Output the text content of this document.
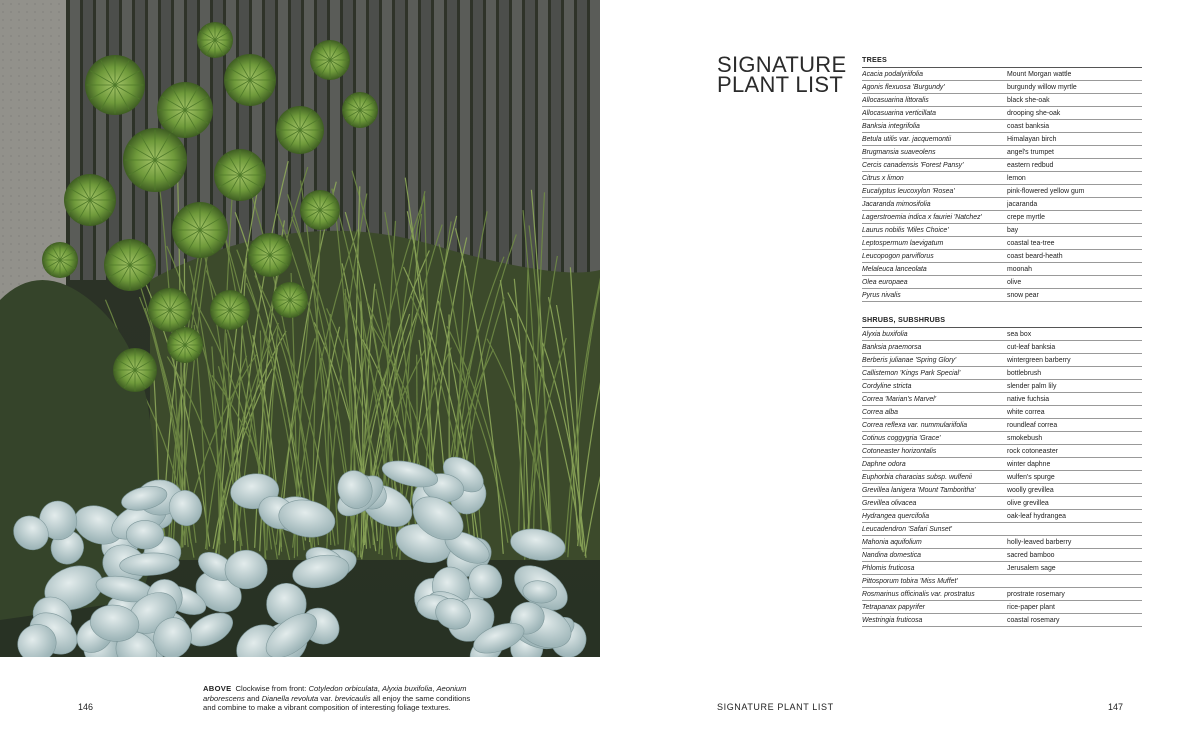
ABOVE Clockwise from front: Cotyledon orbiculata, Alyxia buxifolia, Aeonium arborescens and Dianella revoluta var. brevicaulis all enjoy the same conditions and combine to make a vibrant composition of interesting foliage textures.
146
SIGNATURE PLANT LIST
TREES
Acacia podalyriifolia	Mount Morgan wattle
Agonis flexuosa 'Burgundy'	burgundy willow myrtle
Allocasuarina littoralis	black she-oak
Allocasuarina verticillata	drooping she-oak
Banksia integrifolia	coast banksia
Betula utilis var. jacquemontii	Himalayan birch
Brugmansia suaveolens	angel's trumpet
Cercis canadensis 'Forest Pansy'	eastern redbud
Citrus x limon	lemon
Eucalyptus leucoxylon 'Rosea'	pink-flowered yellow gum
Jacaranda mimosifolia	jacaranda
Lagerstroemia indica x fauriei 'Natchez'	crepe myrtle
Laurus nobilis 'Miles Choice'	bay
Leptospermum laevigatum	coastal tea-tree
Leucopogon parviflorus	coast beard-heath
Melaleuca lanceolata	moonah
Olea europaea	olive
Pyrus nivalis	snow pear
SHRUBS, SUBSHRUBS
Alyxia buxifolia	sea box
Banksia praemorsa	cut-leaf banksia
Berberis julianae 'Spring Glory'	wintergreen barberry
Callistemon 'Kings Park Special'	bottlebrush
Cordyline stricta	slender palm lily
Correa 'Marian's Marvel'	native fuchsia
Correa alba	white correa
Correa reflexa var. nummulariifolia	roundleaf correa
Cotinus coggygria 'Grace'	smokebush
Cotoneaster horizontalis	rock cotoneaster
Daphne odora	winter daphne
Euphorbia characias subsp. wulfenii	wulfen's spurge
Grevillea lanigera 'Mount Tamboritha'	woolly grevillea
Grevillea olivacea	olive grevillea
Hydrangea quercifolia	oak-leaf hydrangea
Leucadendron 'Safari Sunset'
Mahonia aquifolium	holly-leaved barberry
Nandina domestica	sacred bamboo
Phlomis fruticosa	Jerusalem sage
Pittosporum tobira 'Miss Muffet'
Rosmarinus officinalis var. prostratus	prostrate rosemary
Tetrapanax papyrifer	rice-paper plant
Westringia fruticosa	coastal rosemary
SIGNATURE PLANT LIST	147
